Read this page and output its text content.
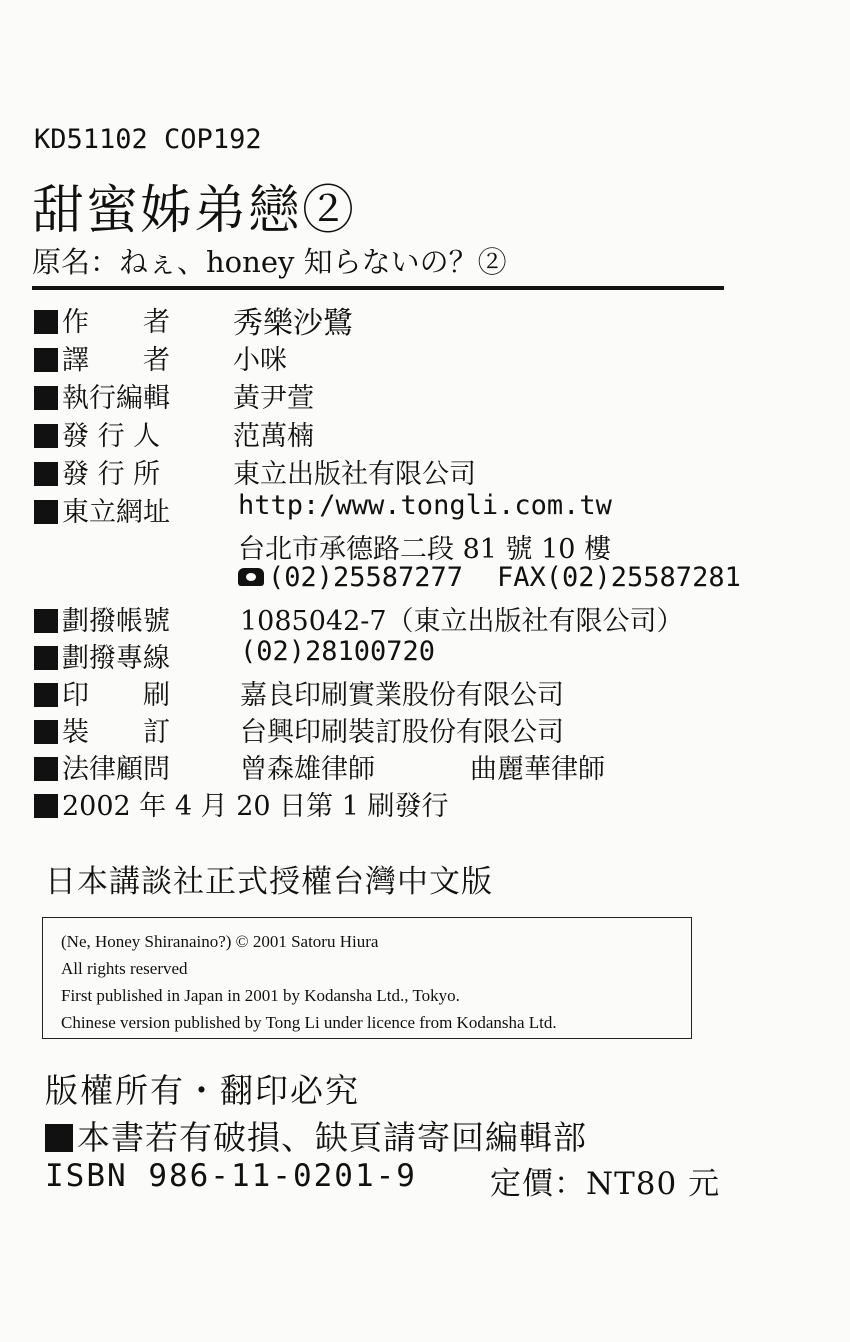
KD51102 COP192
甜蜜姊弟戀②
原名：ねぇ、honey 知らないの？②
作　　者 秀樂沙鷺
譯　　者 小咪
執行編輯 黃尹萱
發 行 人	范萬楠
發 行 所	東立出版社有限公司
東立網址	http:/www.tongli.com.tw
台北市承德路二段 81 號 10 樓
(02)25587277 FAX(02)25587281
劃撥帳號	1085042-7（東立出版社有限公司）
劃撥專線	(02)28100720
印　　刷	嘉良印刷實業股份有限公司
裝　　訂	台興印刷裝訂股份有限公司
法律顧問	曾森雄律師	曲麗華律師
2002 年 4 月 20 日第 1 刷發行
日本講談社正式授權台灣中文版
(Ne, Honey Shiranaino?) © 2001 Satoru Hiura
All rights reserved
First published in Japan in 2001 by Kodansha Ltd., Tokyo.
Chinese version published by Tong Li under licence from Kodansha Ltd.
版權所有・翻印必究
本書若有破損、缺頁請寄回編輯部
ISBN 986-11-0201-9 定價：NT80 元
